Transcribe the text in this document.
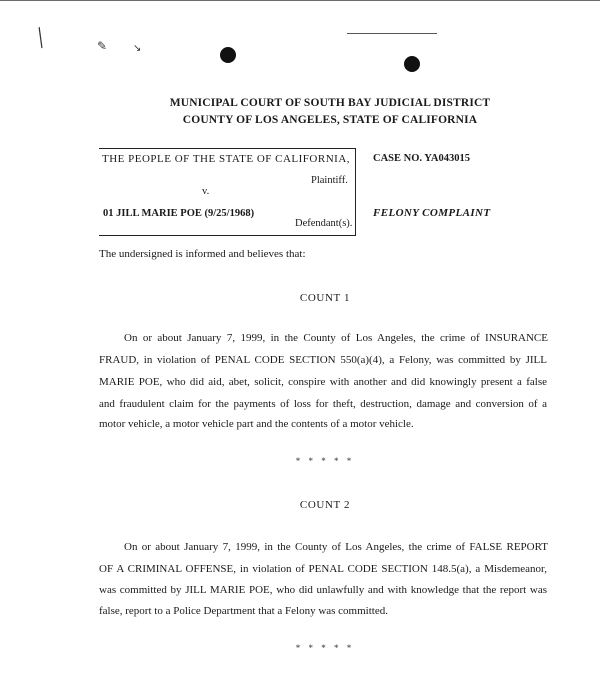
╱	✎	↘
MUNICIPAL COURT OF SOUTH BAY JUDICIAL DISTRICT
COUNTY OF LOS ANGELES, STATE OF CALIFORNIA
THE PEOPLE OF THE STATE OF CALIFORNIA,
Plaintiff.
v.
01 JILL MARIE POE (9/25/1968)
Defendant(s).
CASE NO. YA043015
FELONY COMPLAINT
The undersigned is informed and believes that:
COUNT 1
On or about January 7, 1999, in the County of Los Angeles, the crime of INSURANCE
FRAUD, in violation of PENAL CODE SECTION 550(a)(4), a Felony, was committed by JILL
MARIE POE, who did aid, abet, solicit, conspire with another and did knowingly present a false
and fraudulent claim for the payments of loss for theft, destruction, damage and conversion of a
motor vehicle, a motor vehicle part and the contents of a motor vehicle.
* * * * *
COUNT 2
On or about January 7, 1999, in the County of Los Angeles, the crime of FALSE REPORT
OF A CRIMINAL OFFENSE, in violation of PENAL CODE SECTION 148.5(a), a Misdemeanor,
was committed by JILL MARIE POE, who did unlawfully and with knowledge that the report was
false, report to a Police Department that a Felony was committed.
* * * * *
